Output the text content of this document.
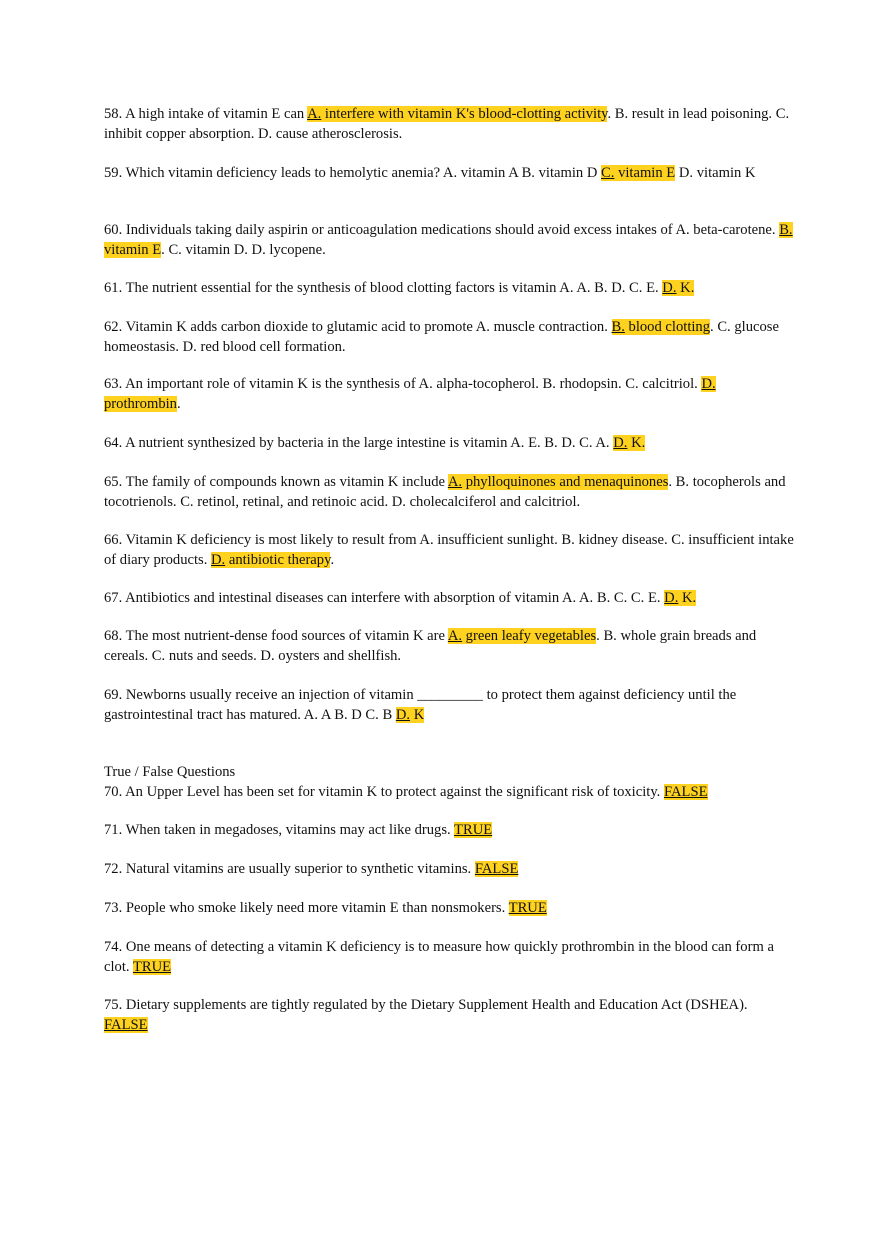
58. A high intake of vitamin E can A. interfere with vitamin K's blood-clotting activity. B. result in lead poisoning. C. inhibit copper absorption. D. cause atherosclerosis.

59. Which vitamin deficiency leads to hemolytic anemia? A. vitamin A B. vitamin D C. vitamin E D. vitamin K

60. Individuals taking daily aspirin or anticoagulation medications should avoid excess intakes of A. beta-carotene. B. vitamin E. C. vitamin D. D. lycopene.

61. The nutrient essential for the synthesis of blood clotting factors is vitamin A. A. B. D. C. E. D. K.

62. Vitamin K adds carbon dioxide to glutamic acid to promote A. muscle contraction. B. blood clotting. C. glucose homeostasis. D. red blood cell formation.

63. An important role of vitamin K is the synthesis of A. alpha-tocopherol. B. rhodopsin. C. calcitriol. D. prothrombin.

64. A nutrient synthesized by bacteria in the large intestine is vitamin A. E. B. D. C. A. D. K.

65. The family of compounds known as vitamin K include A. phylloquinones and menaquinones. B. tocopherols and tocotrienols. C. retinol, retinal, and retinoic acid. D. cholecalciferol and calcitriol.

66. Vitamin K deficiency is most likely to result from A. insufficient sunlight. B. kidney disease. C. insufficient intake of diary products. D. antibiotic therapy.

67. Antibiotics and intestinal diseases can interfere with absorption of vitamin A. A. B. C. C. E. D. K.

68. The most nutrient-dense food sources of vitamin K are A. green leafy vegetables. B. whole grain breads and cereals. C. nuts and seeds. D. oysters and shellfish.

69. Newborns usually receive an injection of vitamin _________ to protect them against deficiency until the gastrointestinal tract has matured. A. A B. D C. B D. K

True / False Questions

70. An Upper Level has been set for vitamin K to protect against the significant risk of toxicity. FALSE

71. When taken in megadoses, vitamins may act like drugs. TRUE

72. Natural vitamins are usually superior to synthetic vitamins. FALSE

73. People who smoke likely need more vitamin E than nonsmokers. TRUE

74. One means of detecting a vitamin K deficiency is to measure how quickly prothrombin in the blood can form a clot. TRUE

75. Dietary supplements are tightly regulated by the Dietary Supplement Health and Education Act (DSHEA). FALSE
